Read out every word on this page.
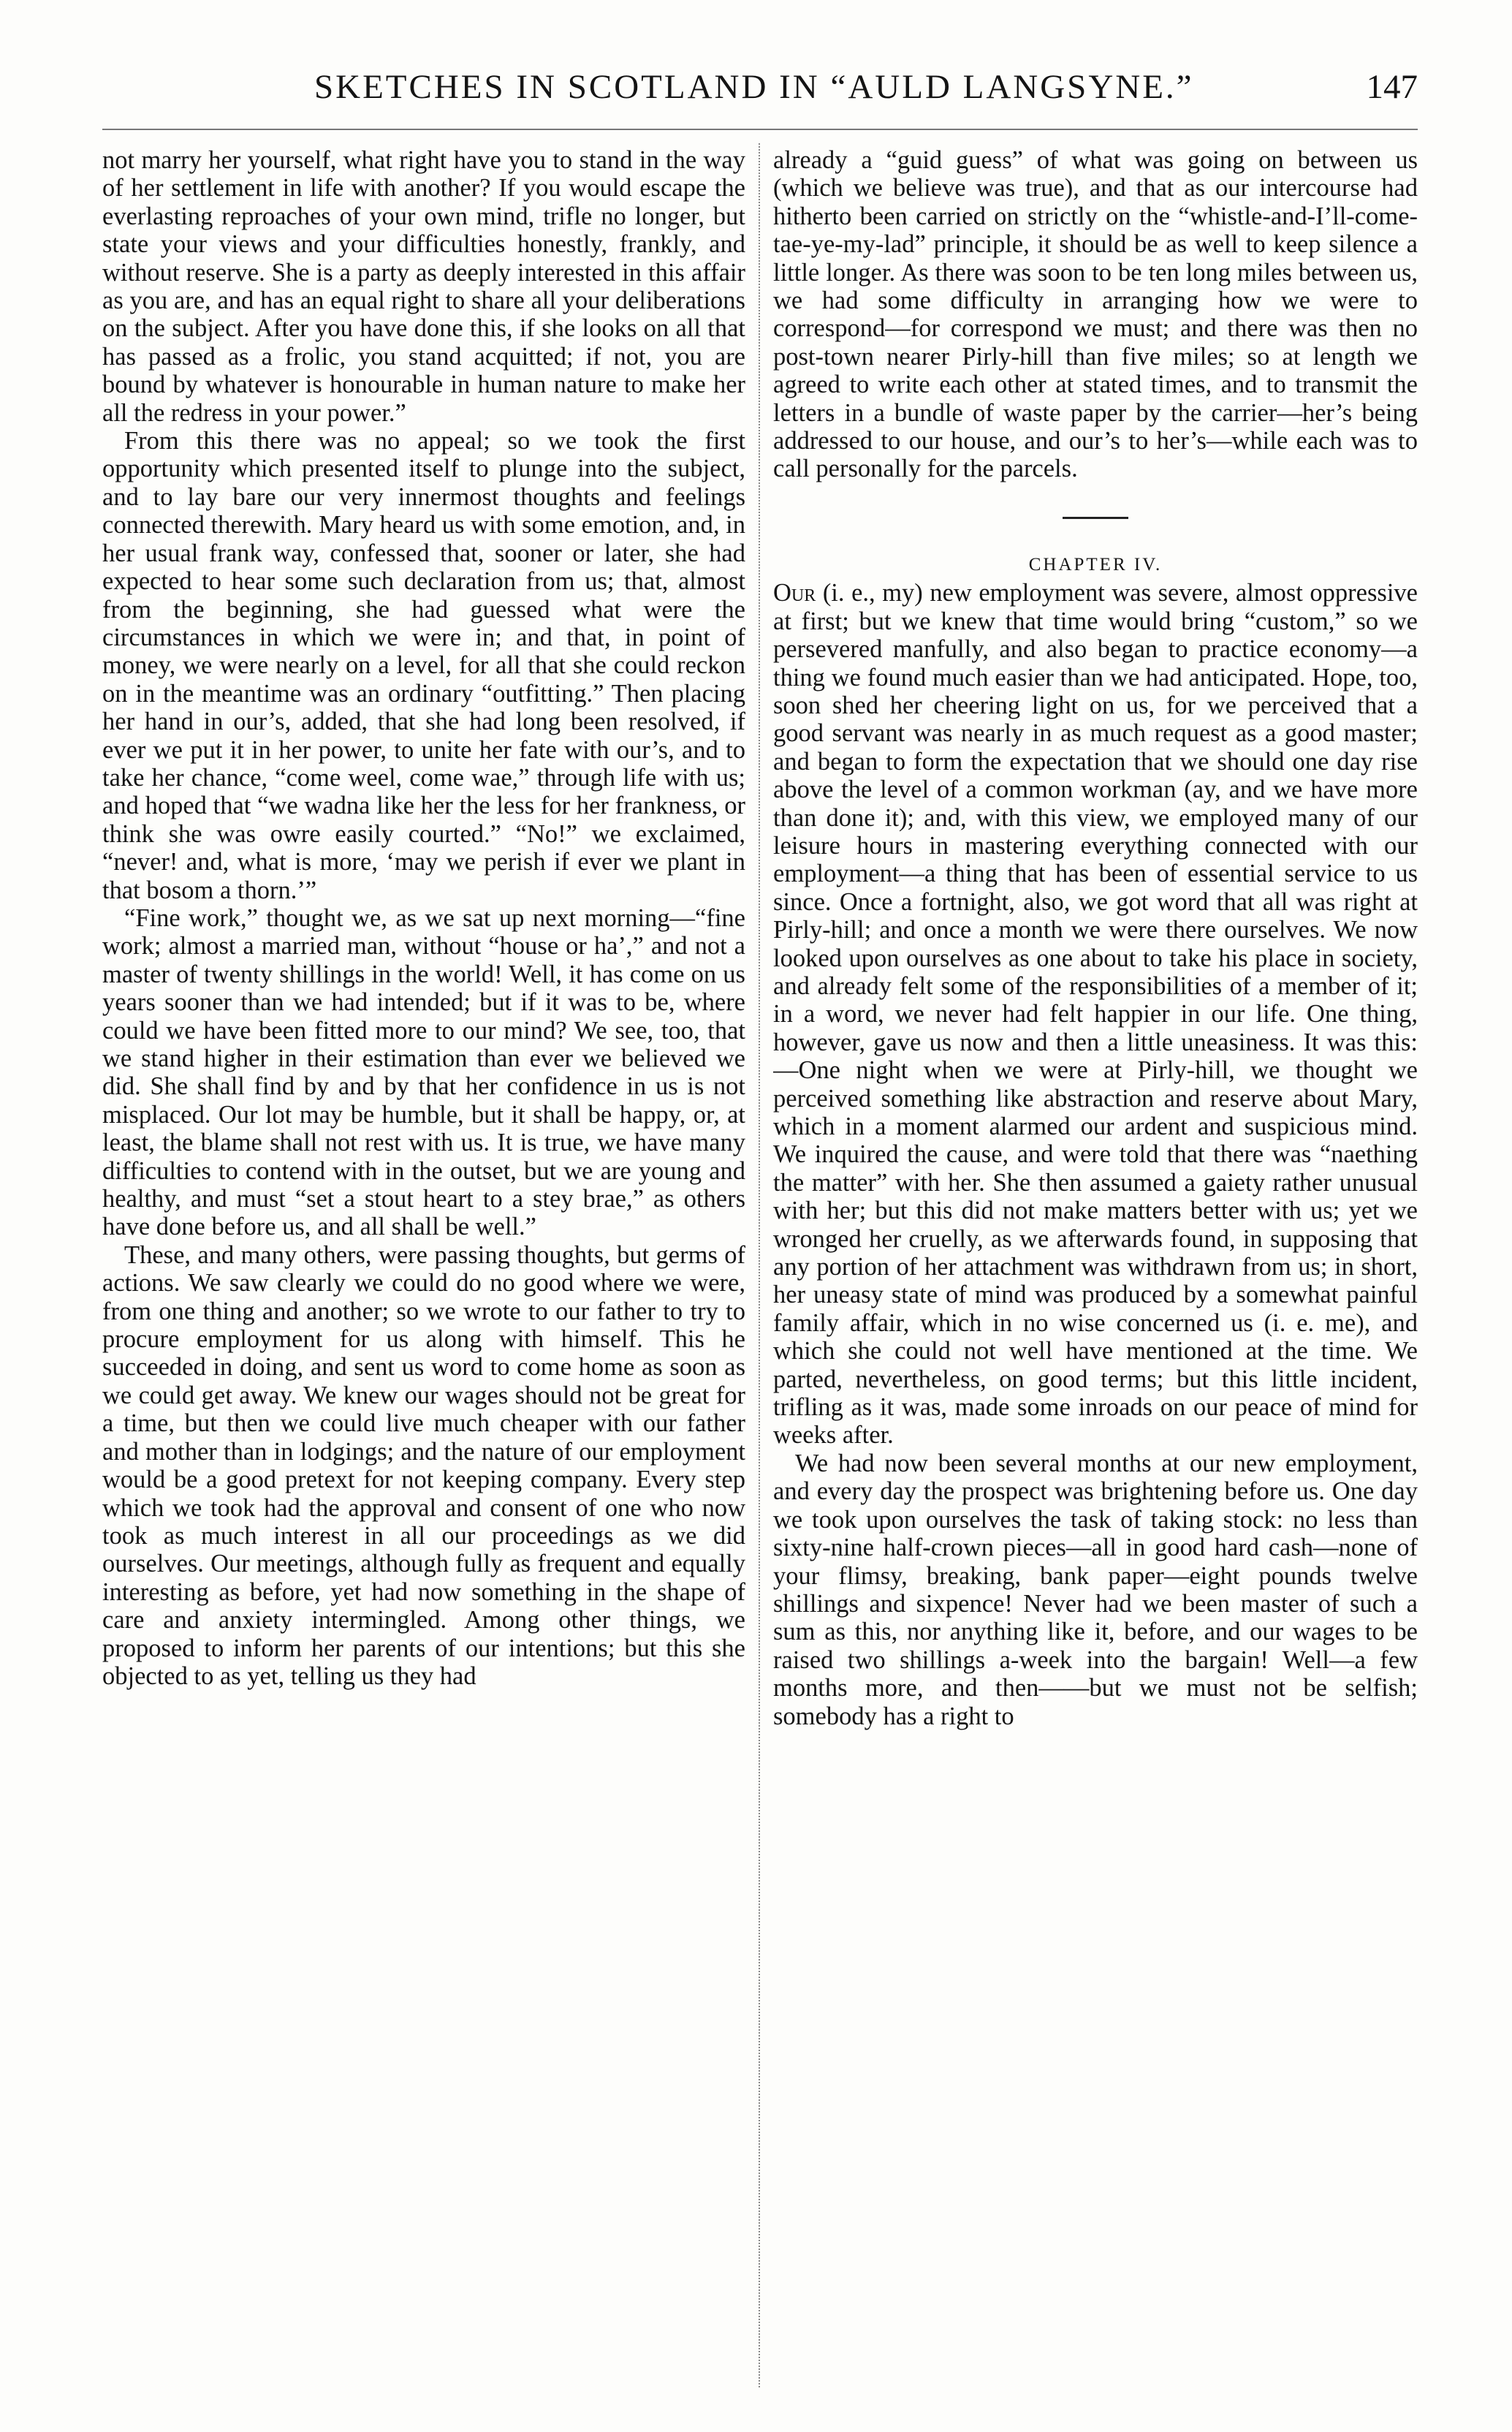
SKETCHES IN SCOTLAND IN “AULD LANGSYNE.”	147

not marry her yourself, what right have you to stand in the way of her settlement in life with another? If you would escape the everlasting reproaches of your own mind, trifle no longer, but state your views and your difficulties honestly, frankly, and without reserve. She is a party as deeply interested in this affair as you are, and has an equal right to share all your deliberations on the subject. After you have done this, if she looks on all that has passed as a frolic, you stand acquitted; if not, you are bound by whatever is honourable in human nature to make her all the redress in your power.”

From this there was no appeal; so we took the first opportunity which presented itself to plunge into the subject, and to lay bare our very innermost thoughts and feelings connected therewith. Mary heard us with some emotion, and, in her usual frank way, confessed that, sooner or later, she had expected to hear some such declaration from us; that, almost from the beginning, she had guessed what were the circumstances in which we were in; and that, in point of money, we were nearly on a level, for all that she could reckon on in the meantime was an ordinary “outfitting.” Then placing her hand in our’s, added, that she had long been resolved, if ever we put it in her power, to unite her fate with our’s, and to take her chance, “come weel, come wae,” through life with us; and hoped that “we wadna like her the less for her frankness, or think she was owre easily courted.” “No!” we exclaimed, “never! and, what is more, ‘may we perish if ever we plant in that bosom a thorn.’”

“Fine work,” thought we, as we sat up next morning—“fine work; almost a married man, without “house or ha’,” and not a master of twenty shillings in the world! Well, it has come on us years sooner than we had intended; but if it was to be, where could we have been fitted more to our mind? We see, too, that we stand higher in their estimation than ever we believed we did. She shall find by and by that her confidence in us is not misplaced. Our lot may be humble, but it shall be happy, or, at least, the blame shall not rest with us. It is true, we have many difficulties to contend with in the outset, but we are young and healthy, and must “set a stout heart to a stey brae,” as others have done before us, and all shall be well.”

These, and many others, were passing thoughts, but germs of actions. We saw clearly we could do no good where we were, from one thing and another; so we wrote to our father to try to procure employment for us along with himself. This he succeeded in doing, and sent us word to come home as soon as we could get away. We knew our wages should not be great for a time, but then we could live much cheaper with our father and mother than in lodgings; and the nature of our employment would be a good pretext for not keeping company. Every step which we took had the approval and consent of one who now took as much interest in all our proceedings as we did ourselves. Our meetings, although fully as frequent and equally interesting as before, yet had now something in the shape of care and anxiety intermingled. Among other things, we proposed to inform her parents of our intentions; but this she objected to as yet, telling us they had

already a “guid guess” of what was going on between us (which we believe was true), and that as our intercourse had hitherto been carried on strictly on the “whistle-and-I’ll-come-tae-ye-my-lad” principle, it should be as well to keep silence a little longer. As there was soon to be ten long miles between us, we had some difficulty in arranging how we were to correspond—for correspond we must; and there was then no post-town nearer Pirly-hill than five miles; so at length we agreed to write each other at stated times, and to transmit the letters in a bundle of waste paper by the carrier—her’s being addressed to our house, and our’s to her’s—while each was to call personally for the parcels.

CHAPTER IV.

Our (i. e., my) new employment was severe, almost oppressive at first; but we knew that time would bring “custom,” so we persevered manfully, and also began to practice economy—a thing we found much easier than we had anticipated. Hope, too, soon shed her cheering light on us, for we perceived that a good servant was nearly in as much request as a good master; and began to form the expectation that we should one day rise above the level of a common workman (ay, and we have more than done it); and, with this view, we employed many of our leisure hours in mastering everything connected with our employment—a thing that has been of essential service to us since. Once a fortnight, also, we got word that all was right at Pirly-hill; and once a month we were there ourselves. We now looked upon ourselves as one about to take his place in society, and already felt some of the responsibilities of a member of it; in a word, we never had felt happier in our life. One thing, however, gave us now and then a little uneasiness. It was this:—One night when we were at Pirly-hill, we thought we perceived something like abstraction and reserve about Mary, which in a moment alarmed our ardent and suspicious mind. We inquired the cause, and were told that there was “naething the matter” with her. She then assumed a gaiety rather unusual with her; but this did not make matters better with us; yet we wronged her cruelly, as we afterwards found, in supposing that any portion of her attachment was withdrawn from us; in short, her uneasy state of mind was produced by a somewhat painful family affair, which in no wise concerned us (i. e. me), and which she could not well have mentioned at the time. We parted, nevertheless, on good terms; but this little incident, trifling as it was, made some inroads on our peace of mind for weeks after.

We had now been several months at our new employment, and every day the prospect was brightening before us. One day we took upon ourselves the task of taking stock: no less than sixty-nine half-crown pieces—all in good hard cash—none of your flimsy, breaking, bank paper—eight pounds twelve shillings and sixpence! Never had we been master of such a sum as this, nor anything like it, before, and our wages to be raised two shillings a-week into the bargain! Well—a few months more, and then——but we must not be selfish; somebody has a right to
